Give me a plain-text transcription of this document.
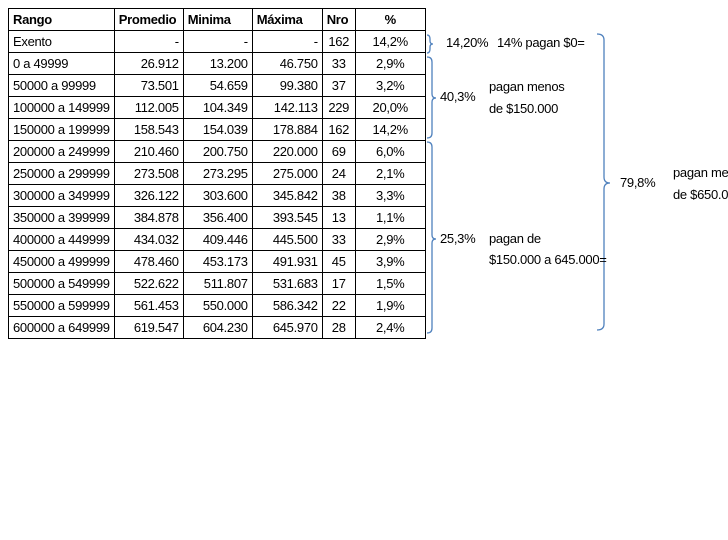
Rango	Promedio	Minima	Máxima	Nro	%
Exento	-	-	-	162	14,2%
0 a 49999	26.912	13.200	46.750	33	2,9%
50000 a 99999	73.501	54.659	99.380	37	3,2%
100000 a 149999	112.005	104.349	142.113	229	20,0%
150000 a 199999	158.543	154.039	178.884	162	14,2%
200000 a 249999	210.460	200.750	220.000	69	6,0%
250000 a 299999	273.508	273.295	275.000	24	2,1%
300000 a 349999	326.122	303.600	345.842	38	3,3%
350000 a 399999	384.878	356.400	393.545	13	1,1%
400000 a 449999	434.032	409.446	445.500	33	2,9%
450000 a 499999	478.460	453.173	491.931	45	3,9%
500000 a 549999	522.622	511.807	531.683	17	1,5%
550000 a 599999	561.453	550.000	586.342	22	1,9%
600000 a 649999	619.547	604.230	645.970	28	2,4%
14,20% 14% pagan $0=
40,3%
pagan menos
de $150.000
25,3% pagan de
$150.000 a 645.000=
79,8%
pagan me
de $650.0
